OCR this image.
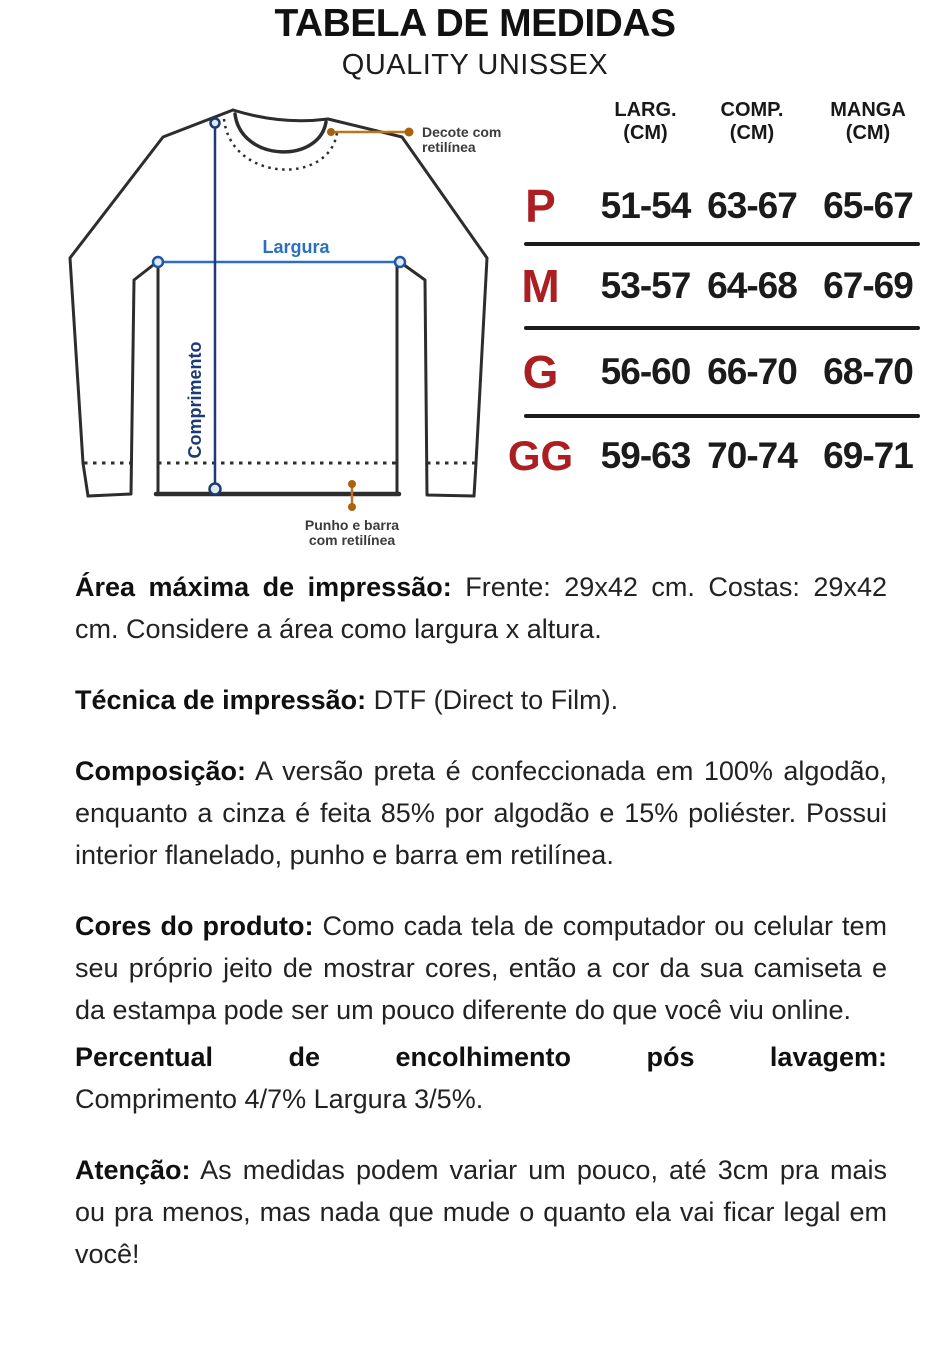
TABELA DE MEDIDAS
QUALITY UNISSEX
Largura
Comprimento
Decote com
retilínea
Punho e barra
com retilínea
LARG.
(CM)
COMP.
(CM)
MANGA
(CM)
P	51-54 63-67 65-67
M	53-57 64-68 67-69
G	56-60 66-70 68-70
GG 59-63 70-74 69-71

Área máxima de impressão: Frente: 29x42 cm. Costas: 29x42 cm. Considere a área como largura x altura.

Técnica de impressão: DTF (Direct to Film).

Composição: A versão preta é confeccionada em 100% algodão, enquanto a cinza é feita 85% por algodão e 15% poliéster. Possui interior flanelado, punho e barra em retilínea.

Cores do produto: Como cada tela de computador ou celular tem seu próprio jeito de mostrar cores, então a cor da sua camiseta e da estampa pode ser um pouco diferente do que você viu online.

Percentual de encolhimento pós lavagem:
Comprimento 4/7% Largura 3/5%.

Atenção: As medidas podem variar um pouco, até 3cm pra mais ou pra menos, mas nada que mude o quanto ela vai ficar legal em você!
